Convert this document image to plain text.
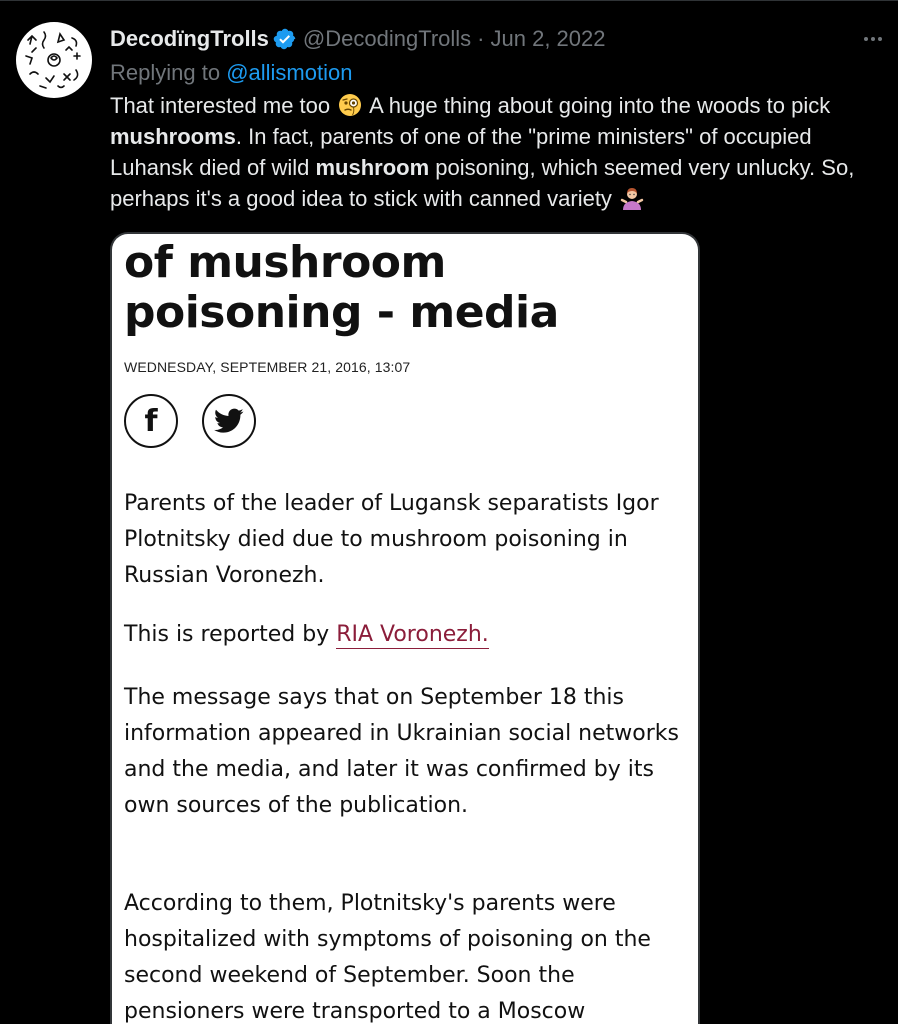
DecodïngTrolls @DecodingTrolls · Jun 2, 2022
Replying to @allismotion
That interested me too
A huge thing about going into the woods to pick mushrooms. In fact, parents of one of the "prime ministers" of occupied Luhansk died of wild mushroom poisoning, which seemed very unlucky. So, perhaps it's a good idea to stick with canned variety
of mushroom poisoning - media
WEDNESDAY, SEPTEMBER 21, 2016, 13:07
f

Parents of the leader of Lugansk separatists Igor Plotnitsky died due to mushroom poisoning in Russian Voronezh.

This is reported by RIA Voronezh.

The message says that on September 18 this information appeared in Ukrainian social networks and the media, and later it was confirmed by its own sources of the publication.

According to them, Plotnitsky's parents were hospitalized with symptoms of poisoning on the second weekend of September. Soon the pensioners were transported to a Moscow
